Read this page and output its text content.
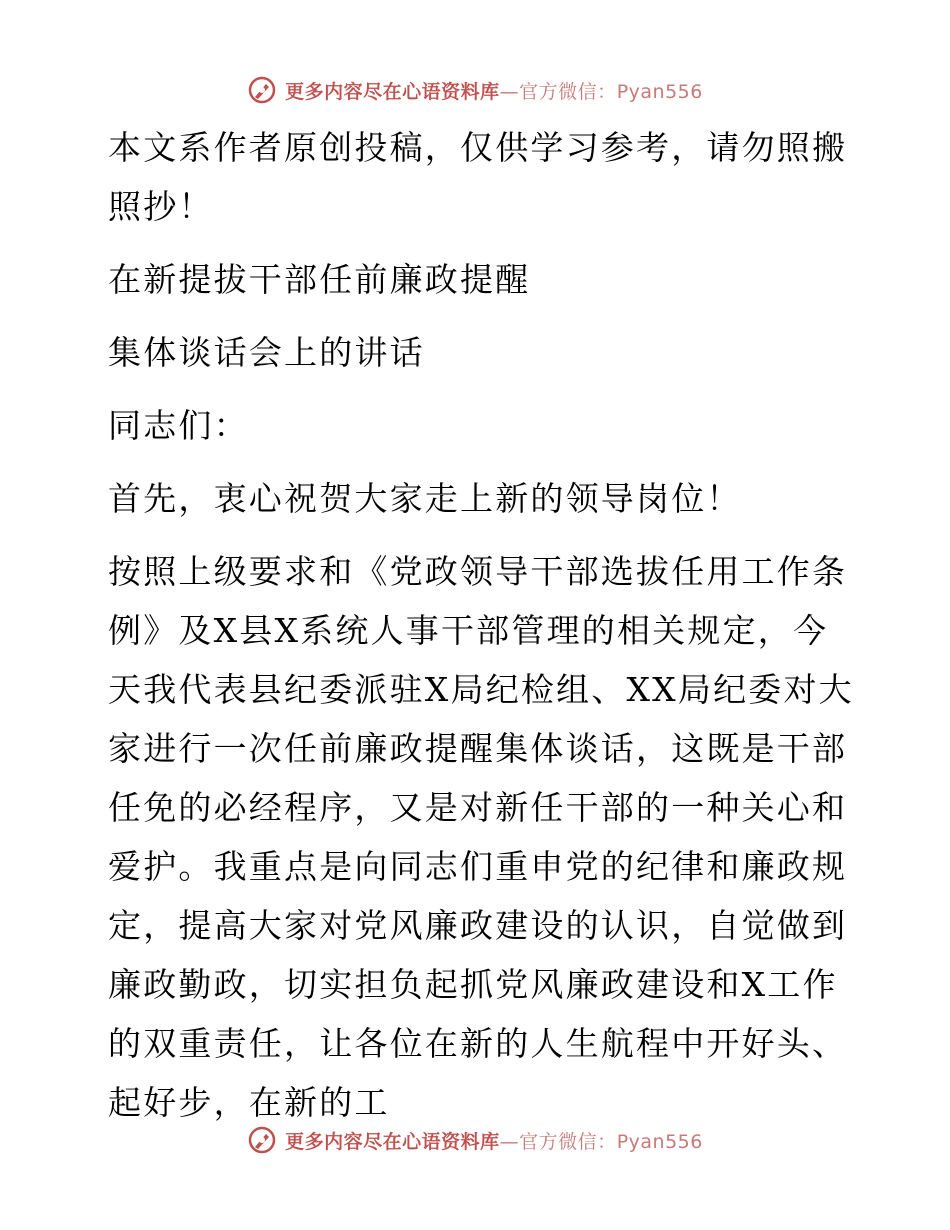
更多内容尽在心语资料库—官方微信：Pyan556

本文系作者原创投稿，仅供学习参考，请勿照搬照抄！

在新提拔干部任前廉政提醒

集体谈话会上的讲话

同志们：

首先，衷心祝贺大家走上新的领导岗位！

按照上级要求和《党政领导干部选拔任用工作条例》及X县X系统人事干部管理的相关规定，今天我代表县纪委派驻X局纪检组、XX局纪委对大家进行一次任前廉政提醒集体谈话，这既是干部任免的必经程序，又是对新任干部的一种关心和爱护。我重点是向同志们重申党的纪律和廉政规定，提高大家对党风廉政建设的认识，自觉做到廉政勤政，切实担负起抓党风廉政建设和X工作的双重责任，让各位在新的人生航程中开好头、起好步，在新的工

更多内容尽在心语资料库—官方微信：Pyan556
